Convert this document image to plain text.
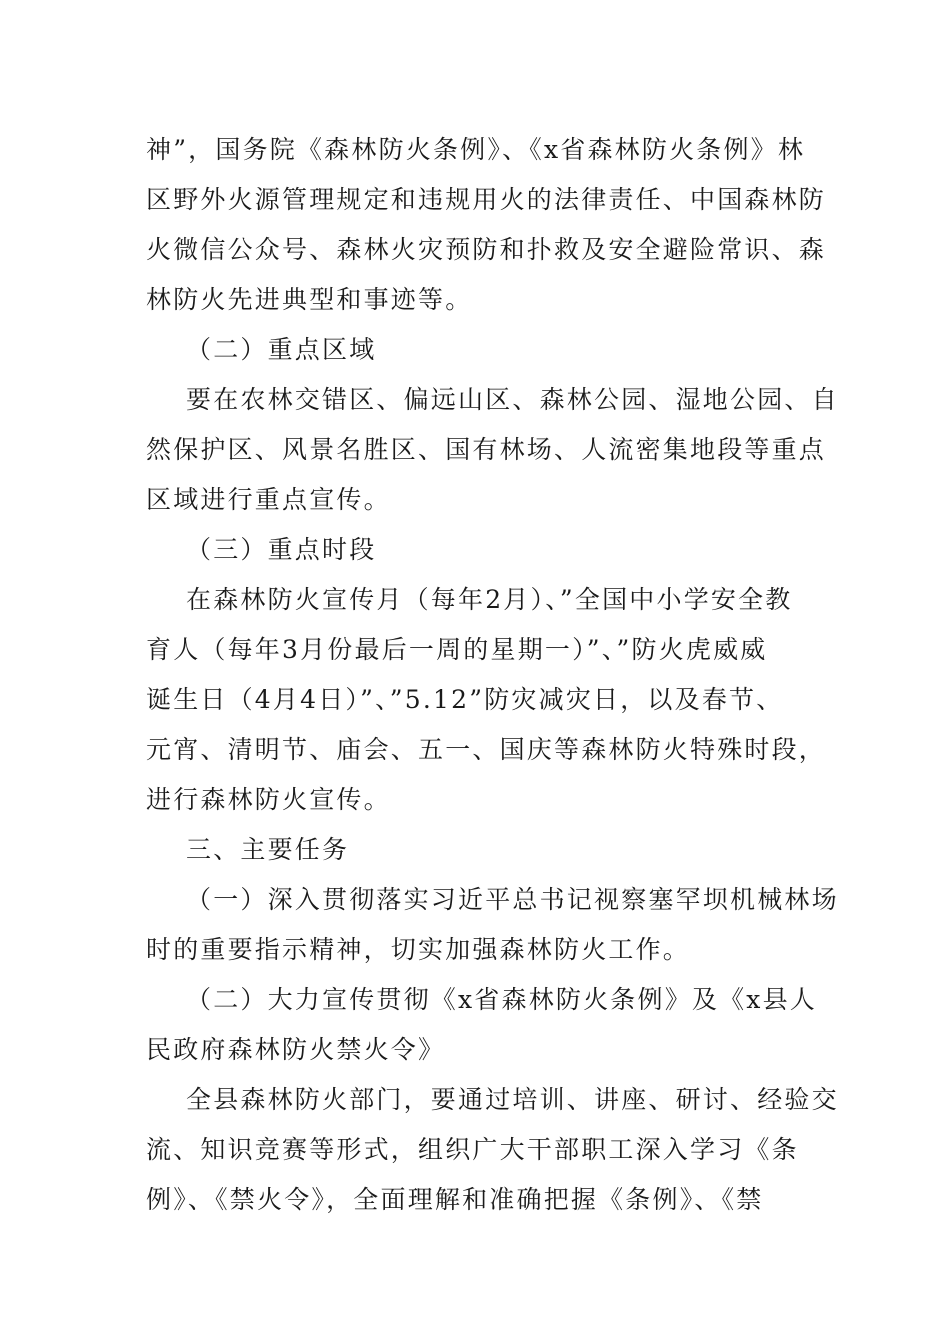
神”，国务院《森林防火条例》、《x省森林防火条例》林
区野外火源管理规定和违规用火的法律责任、中国森林防
火微信公众号、森林火灾预防和扑救及安全避险常识、森
林防火先进典型和事迹等。
（二）重点区域
要在农林交错区、偏远山区、森林公园、湿地公园、自
然保护区、风景名胜区、国有林场、人流密集地段等重点
区域进行重点宣传。
（三）重点时段
在森林防火宣传月（每年2月）、”全国中小学安全教
育人（每年3月份最后一周的星期一）”、”防火虎威威
诞生日（4月4日）”、”5.12”防灾减灾日，以及春节、
元宵、清明节、庙会、五一、国庆等森林防火特殊时段，
进行森林防火宣传。
三、主要任务
（一）深入贯彻落实习近平总书记视察塞罕坝机械林场
时的重要指示精神，切实加强森林防火工作。
（二）大力宣传贯彻《x省森林防火条例》及《x县人
民政府森林防火禁火令》
全县森林防火部门，要通过培训、讲座、研讨、经验交
流、知识竞赛等形式，组织广大干部职工深入学习《条
例》、《禁火令》，全面理解和准确把握《条例》、《禁
